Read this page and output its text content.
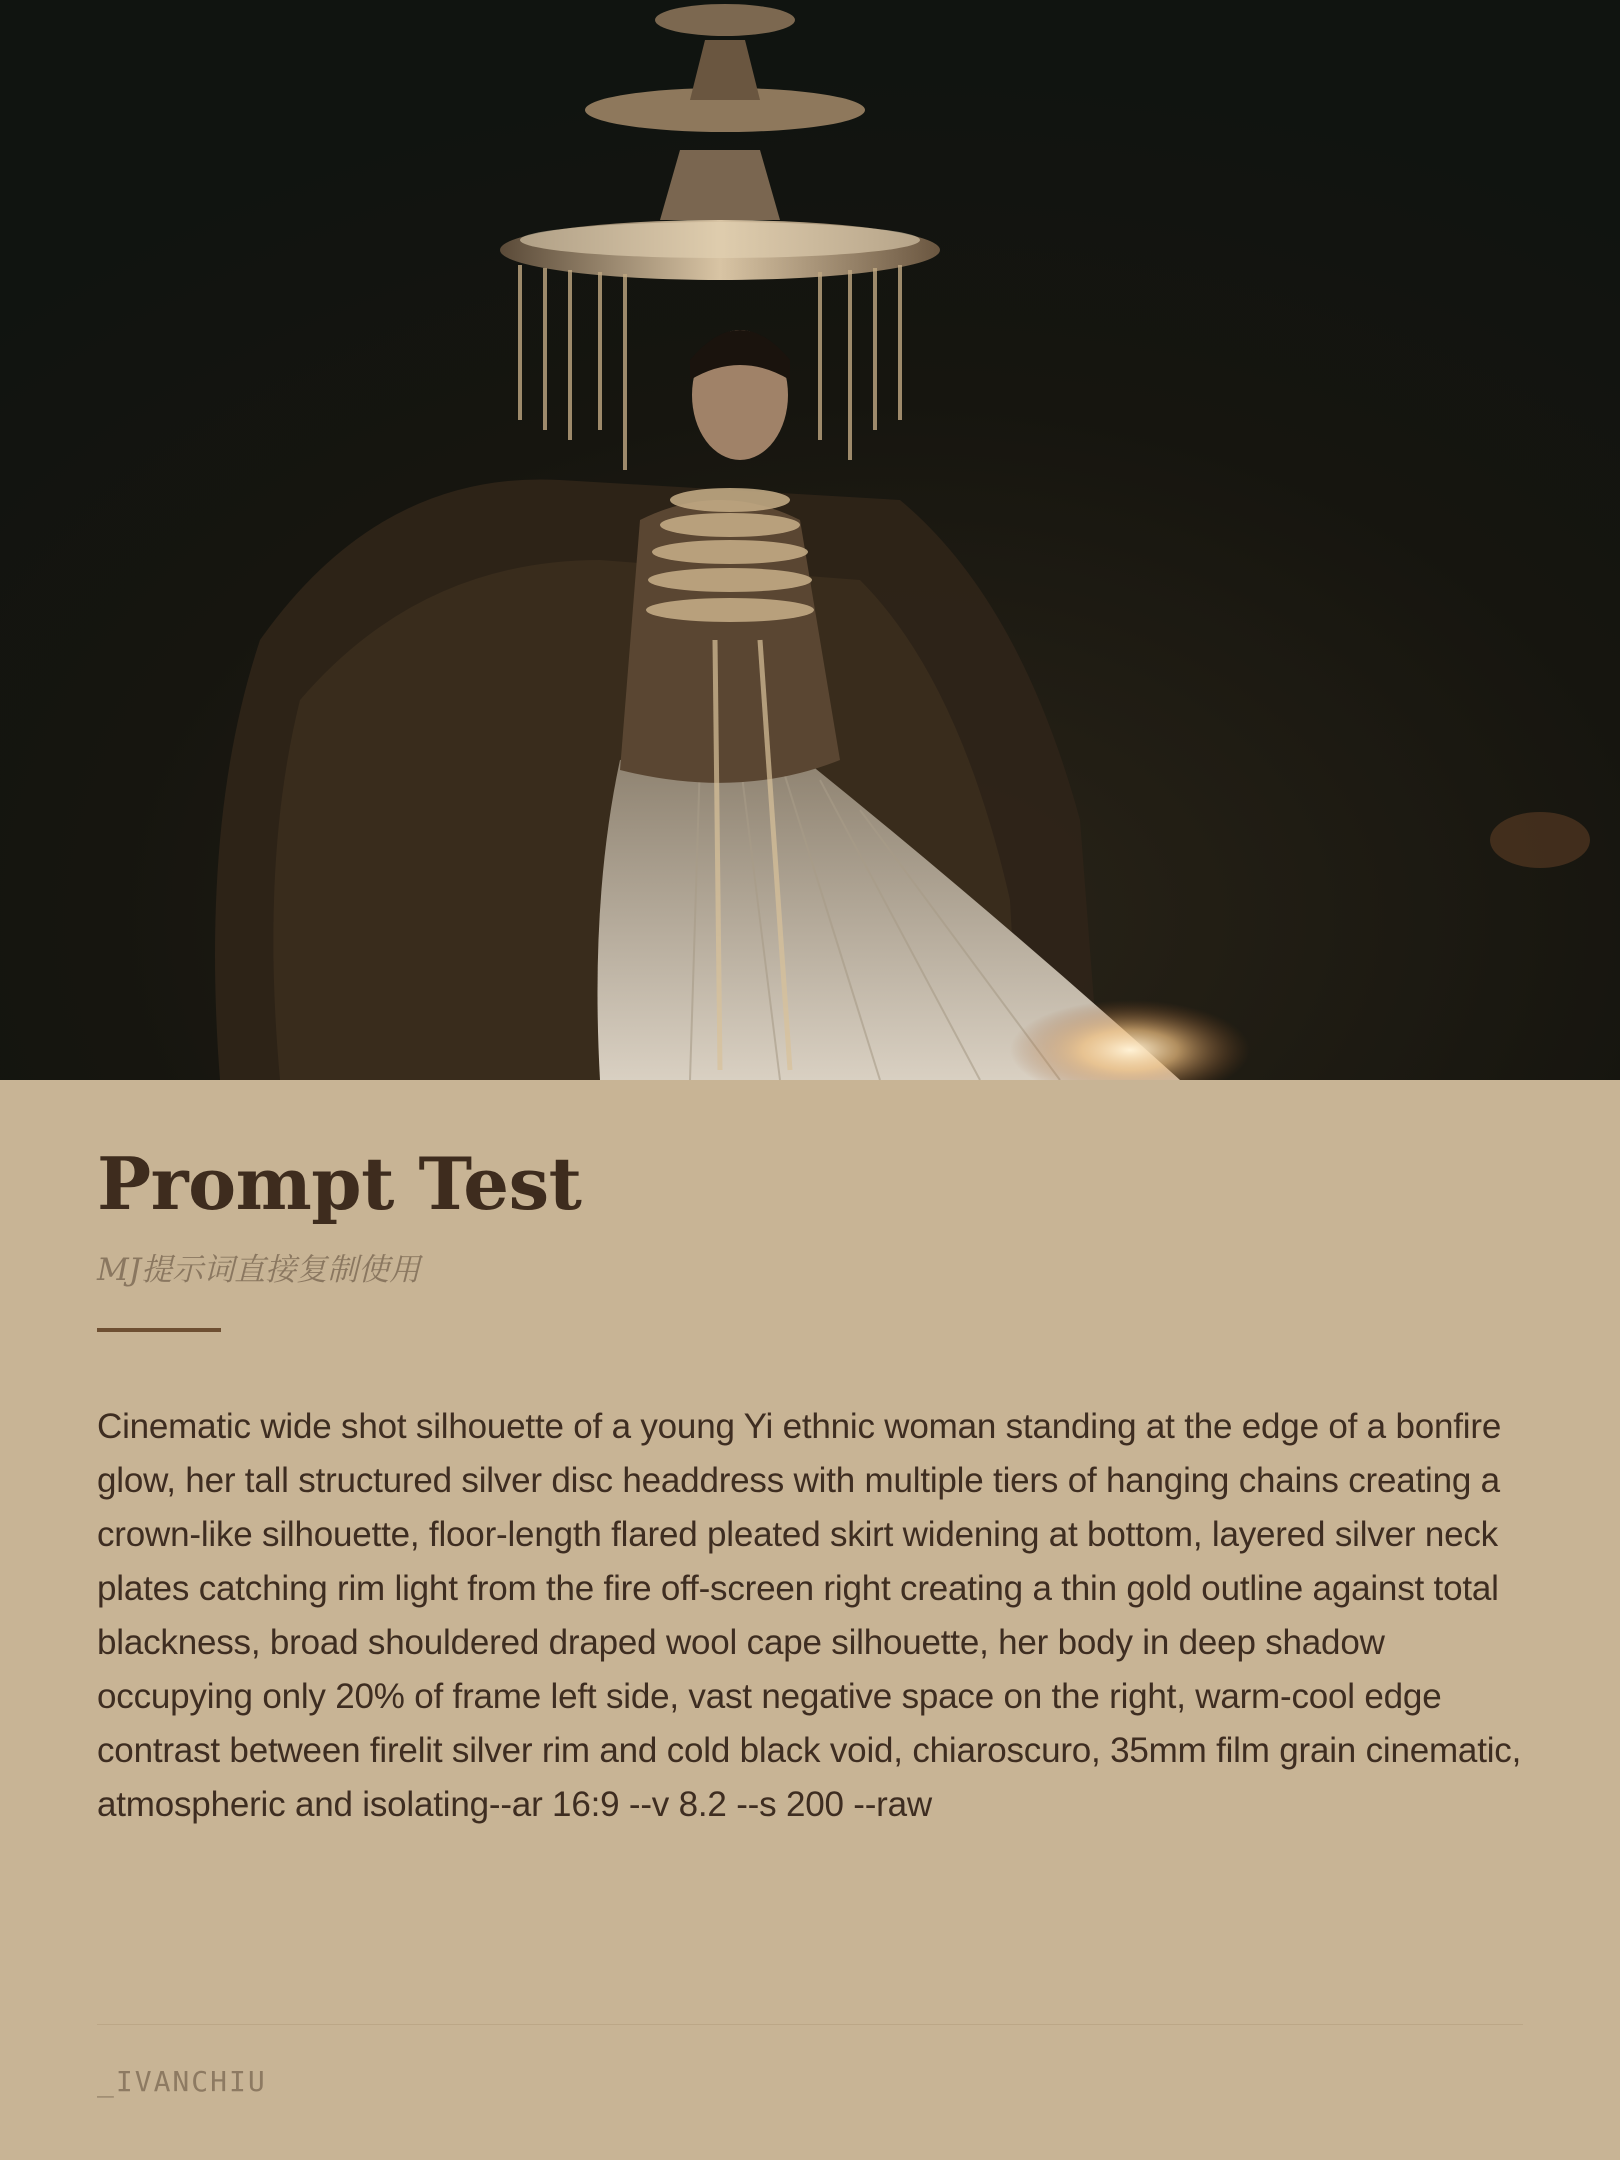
Prompt Test
MJ提示词直接复制使用

Cinematic wide shot silhouette of a young Yi ethnic woman standing at the edge of a bonfire glow, her tall structured silver disc headdress with multiple tiers of hanging chains creating a crown-like silhouette, floor-length flared pleated skirt widening at bottom, layered silver neck plates catching rim light from the fire off-screen right creating a thin gold outline against total blackness, broad shouldered draped wool cape silhouette, her body in deep shadow occupying only 20% of frame left side, vast negative space on the right, warm-cool edge contrast between firelit silver rim and cold black void, chiaroscuro, 35mm film grain cinematic, atmospheric and isolating--ar 16:9 --v 8.2 --s 200 --raw

_IVANCHIU
